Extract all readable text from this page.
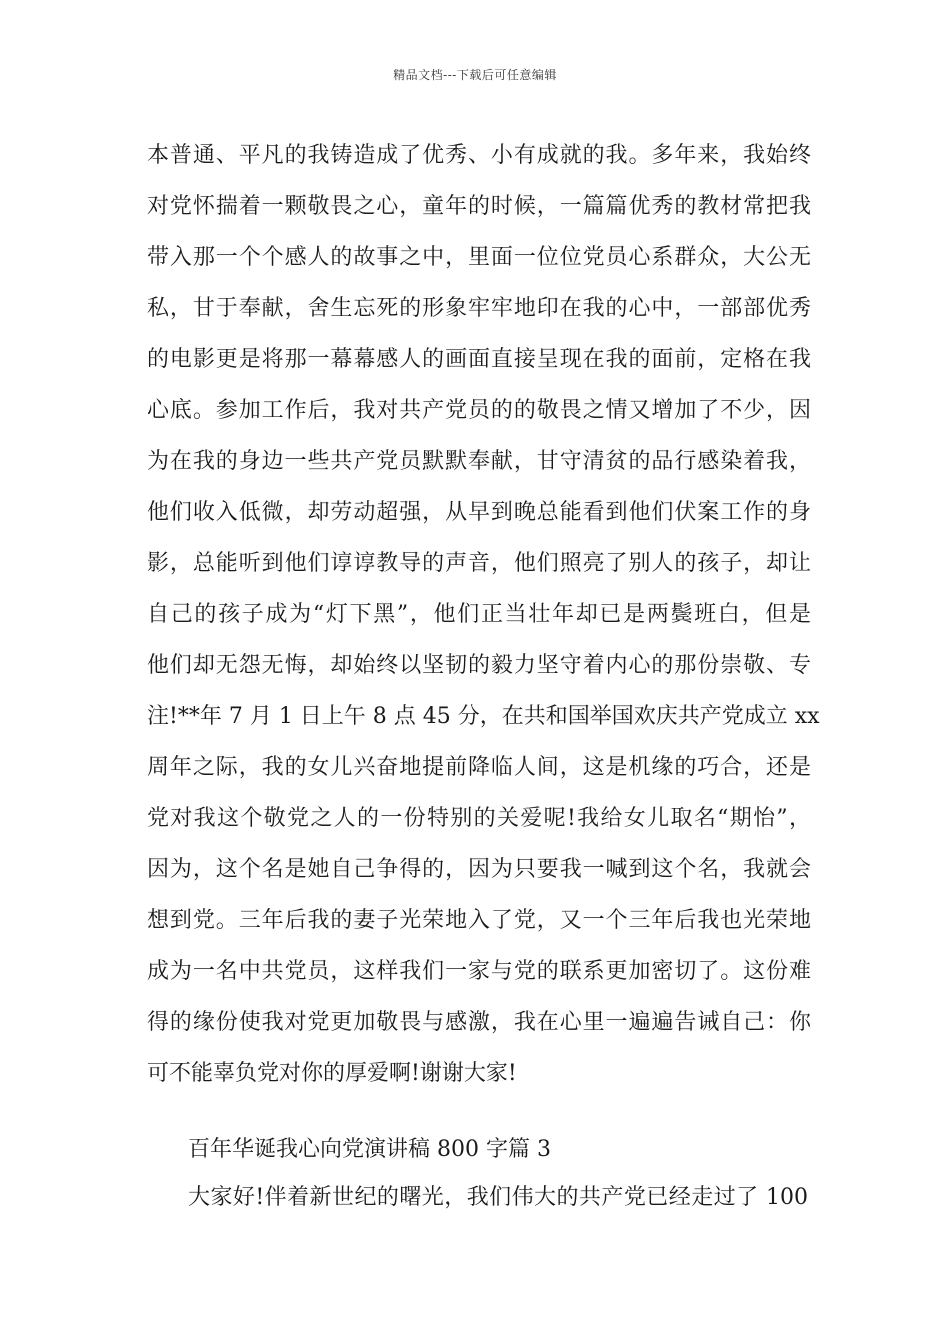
精品文档---下载后可任意编辑
本普通、平凡的我铸造成了优秀、小有成就的我。多年来，我始终
对党怀揣着一颗敬畏之心，童年的时候，一篇篇优秀的教材常把我
带入那一个个感人的故事之中，里面一位位党员心系群众，大公无
私，甘于奉献，舍生忘死的形象牢牢地印在我的心中，一部部优秀
的电影更是将那一幕幕感人的画面直接呈现在我的面前，定格在我
心底。参加工作后，我对共产党员的的敬畏之情又增加了不少，因
为在我的身边一些共产党员默默奉献，甘守清贫的品行感染着我，
他们收入低微，却劳动超强，从早到晚总能看到他们伏案工作的身
影，总能听到他们谆谆教导的声音，他们照亮了别人的孩子，却让
自己的孩子成为“灯下黑”，他们正当壮年却已是两鬓班白，但是
他们却无怨无悔，却始终以坚韧的毅力坚守着内心的那份崇敬、专
注!**年 7 月 1 日上午 8 点 45 分，在共和国举国欢庆共产党成立 xx
周年之际，我的女儿兴奋地提前降临人间，这是机缘的巧合，还是
党对我这个敬党之人的一份特别的关爱呢!我给女儿取名“期怡”，
因为，这个名是她自己争得的，因为只要我一喊到这个名，我就会
想到党。三年后我的妻子光荣地入了党，又一个三年后我也光荣地
成为一名中共党员，这样我们一家与党的联系更加密切了。这份难
得的缘份使我对党更加敬畏与感激，我在心里一遍遍告诫自己：你
可不能辜负党对你的厚爱啊!谢谢大家!
百年华诞我心向党演讲稿 800 字篇 3
大家好!伴着新世纪的曙光，我们伟大的共产党已经走过了 100
